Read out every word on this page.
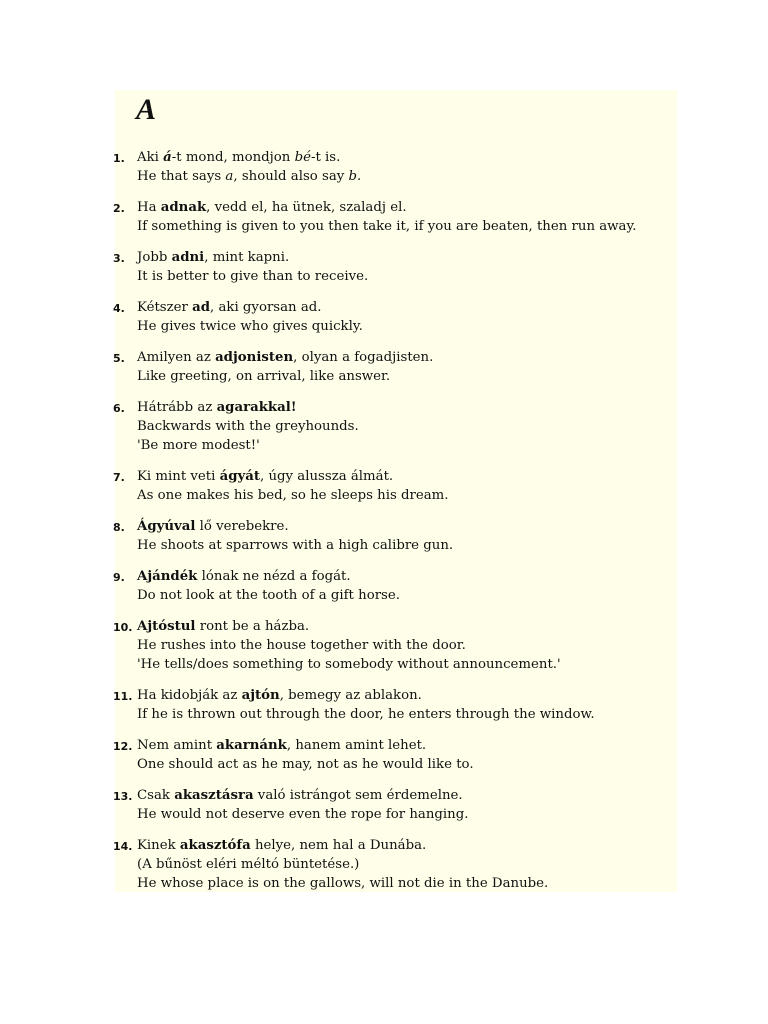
A
1. Aki á-t mond, mondjon bé-t is.
He that says a, should also say b.
2. Ha adnak, vedd el, ha ütnek, szaladj el.
If something is given to you then take it, if you are beaten, then run away.
3. Jobb adni, mint kapni.
It is better to give than to receive.
4. Kétszer ad, aki gyorsan ad.
He gives twice who gives quickly.
5. Amilyen az adjonisten, olyan a fogadjisten.
Like greeting, on arrival, like answer.
6. Hátrább az agarakkal!
Backwards with the greyhounds.
'Be more modest!'
7. Ki mint veti ágyát, úgy alussza álmát.
As one makes his bed, so he sleeps his dream.
8. Ágyúval lő verebekre.
He shoots at sparrows with a high calibre gun.
9. Ajándék lónak ne nézd a fogát.
Do not look at the tooth of a gift horse.
10. Ajtóstul ront be a házba.
He rushes into the house together with the door.
'He tells/does something to somebody without announcement.'
11. Ha kidobják az ajtón, bemegy az ablakon.
If he is thrown out through the door, he enters through the window.
12. Nem amint akarnánk, hanem amint lehet.
One should act as he may, not as he would like to.
13. Csak akasztásra való istrángot sem érdemelne.
He would not deserve even the rope for hanging.
14. Kinek akasztófa helye, nem hal a Dunába.
(A bűnöst eléri méltó büntetése.)
He whose place is on the gallows, will not die in the Danube.
